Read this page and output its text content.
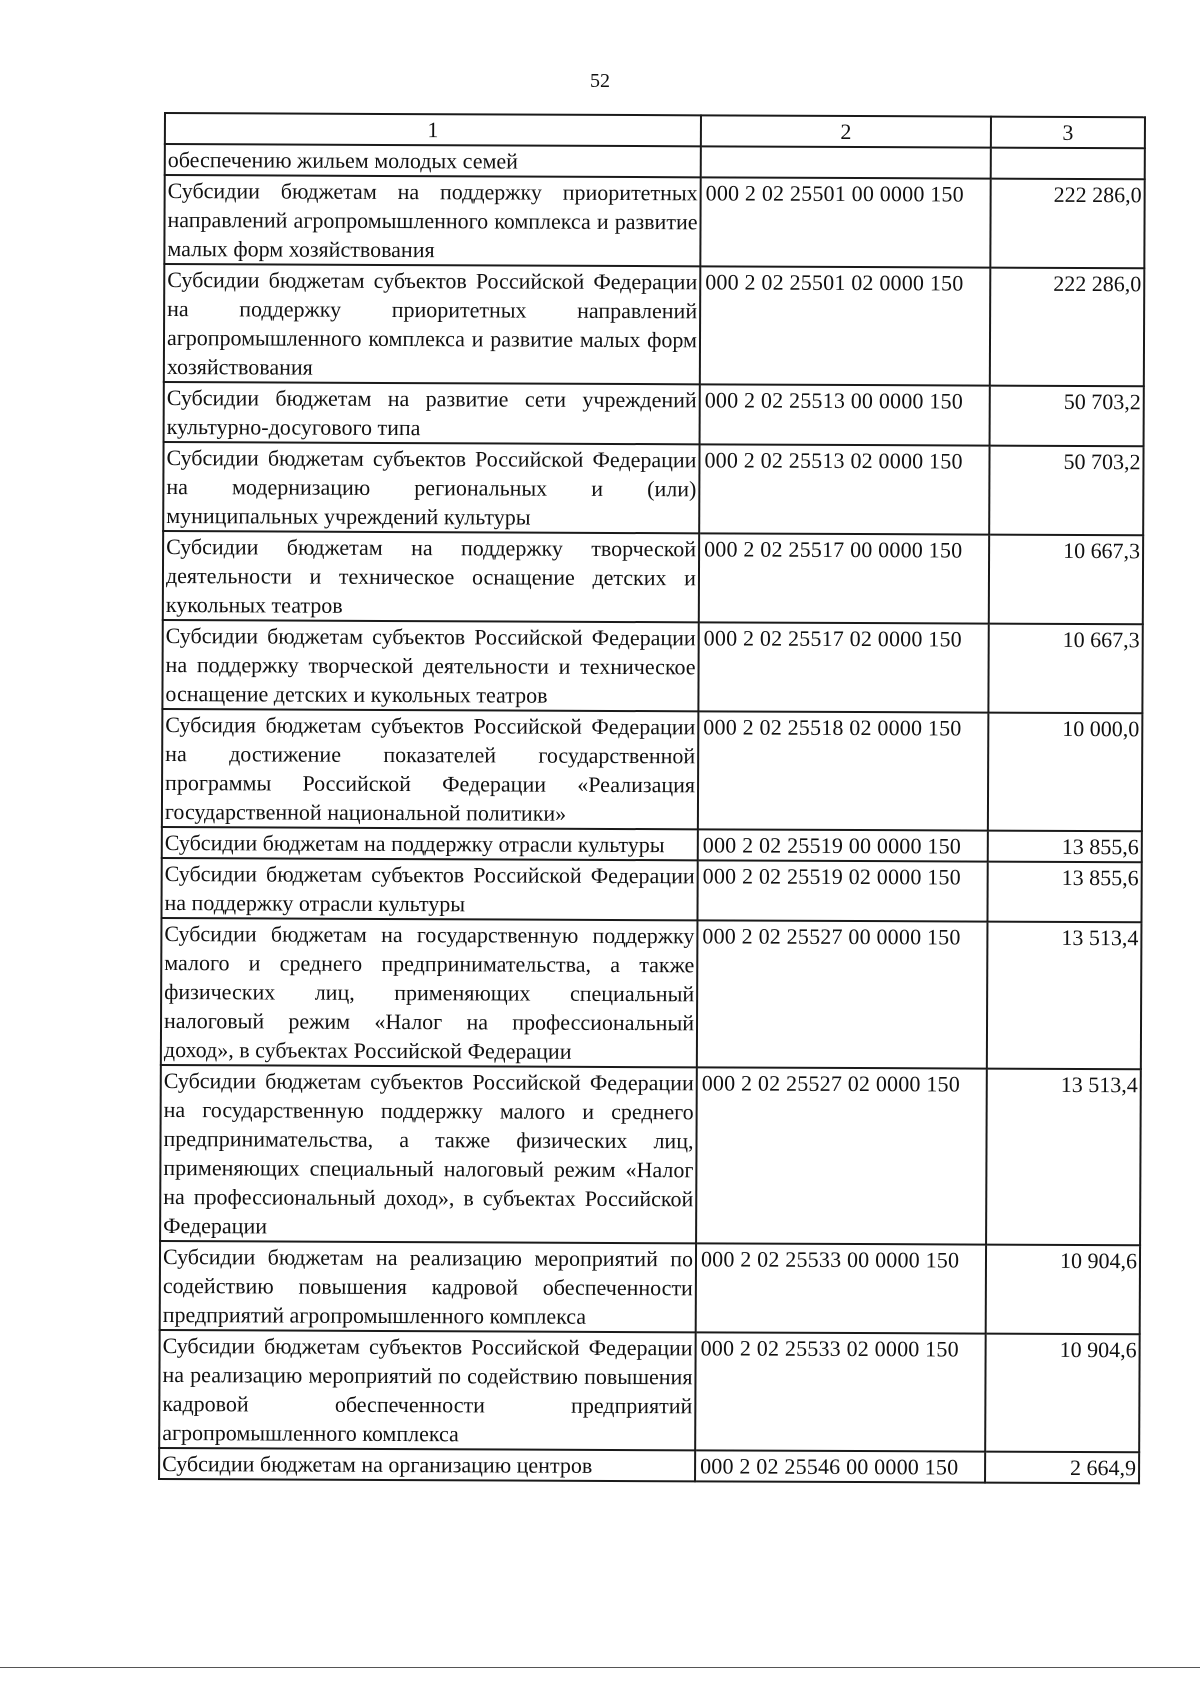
52
1	2	3
обеспечению жильем молодых семей		
Субсидии бюджетам на поддержку приоритетных направлений агропромышленного комплекса и развитие малых форм хозяйствования	000 2 02 25501 00 0000 150	222 286,0
Субсидии бюджетам субъектов Российской Федерации на поддержку приоритетных направлений агропромышленного комплекса и развитие малых форм хозяйствования	000 2 02 25501 02 0000 150	222 286,0
Субсидии бюджетам на развитие сети учреждений культурно-досугового типа	000 2 02 25513 00 0000 150	50 703,2
Субсидии бюджетам субъектов Российской Федерации на модернизацию региональных и (или) муниципальных учреждений культуры	000 2 02 25513 02 0000 150	50 703,2
Субсидии бюджетам на поддержку творческой деятельности и техническое оснащение детских и кукольных театров	000 2 02 25517 00 0000 150	10 667,3
Субсидии бюджетам субъектов Российской Федерации на поддержку творческой деятельности и техническое оснащение детских и кукольных театров	000 2 02 25517 02 0000 150	10 667,3
Субсидия бюджетам субъектов Российской Федерации на достижение показателей государственной программы Российской Федерации «Реализация государственной национальной политики»	000 2 02 25518 02 0000 150	10 000,0
Субсидии бюджетам на поддержку отрасли культуры	000 2 02 25519 00 0000 150	13 855,6
Субсидии бюджетам субъектов Российской Федерации на поддержку отрасли культуры	000 2 02 25519 02 0000 150	13 855,6
Субсидии бюджетам на государственную поддержку малого и среднего предпринимательства, а также физических лиц, применяющих специальный налоговый режим «Налог на профессиональный доход», в субъектах Российской Федерации	000 2 02 25527 00 0000 150	13 513,4
Субсидии бюджетам субъектов Российской Федерации на государственную поддержку малого и среднего предпринимательства, а также физических лиц, применяющих специальный налоговый режим «Налог на профессиональный доход», в субъектах Российской Федерации	000 2 02 25527 02 0000 150	13 513,4
Субсидии бюджетам на реализацию мероприятий по содействию повышения кадровой обеспеченности предприятий агропромышленного комплекса	000 2 02 25533 00 0000 150	10 904,6
Субсидии бюджетам субъектов Российской Федерации на реализацию мероприятий по содействию повышения кадровой обеспеченности предприятий агропромышленного комплекса	000 2 02 25533 02 0000 150	10 904,6
Субсидии бюджетам на организацию центров	000 2 02 25546 00 0000 150	2 664,9
